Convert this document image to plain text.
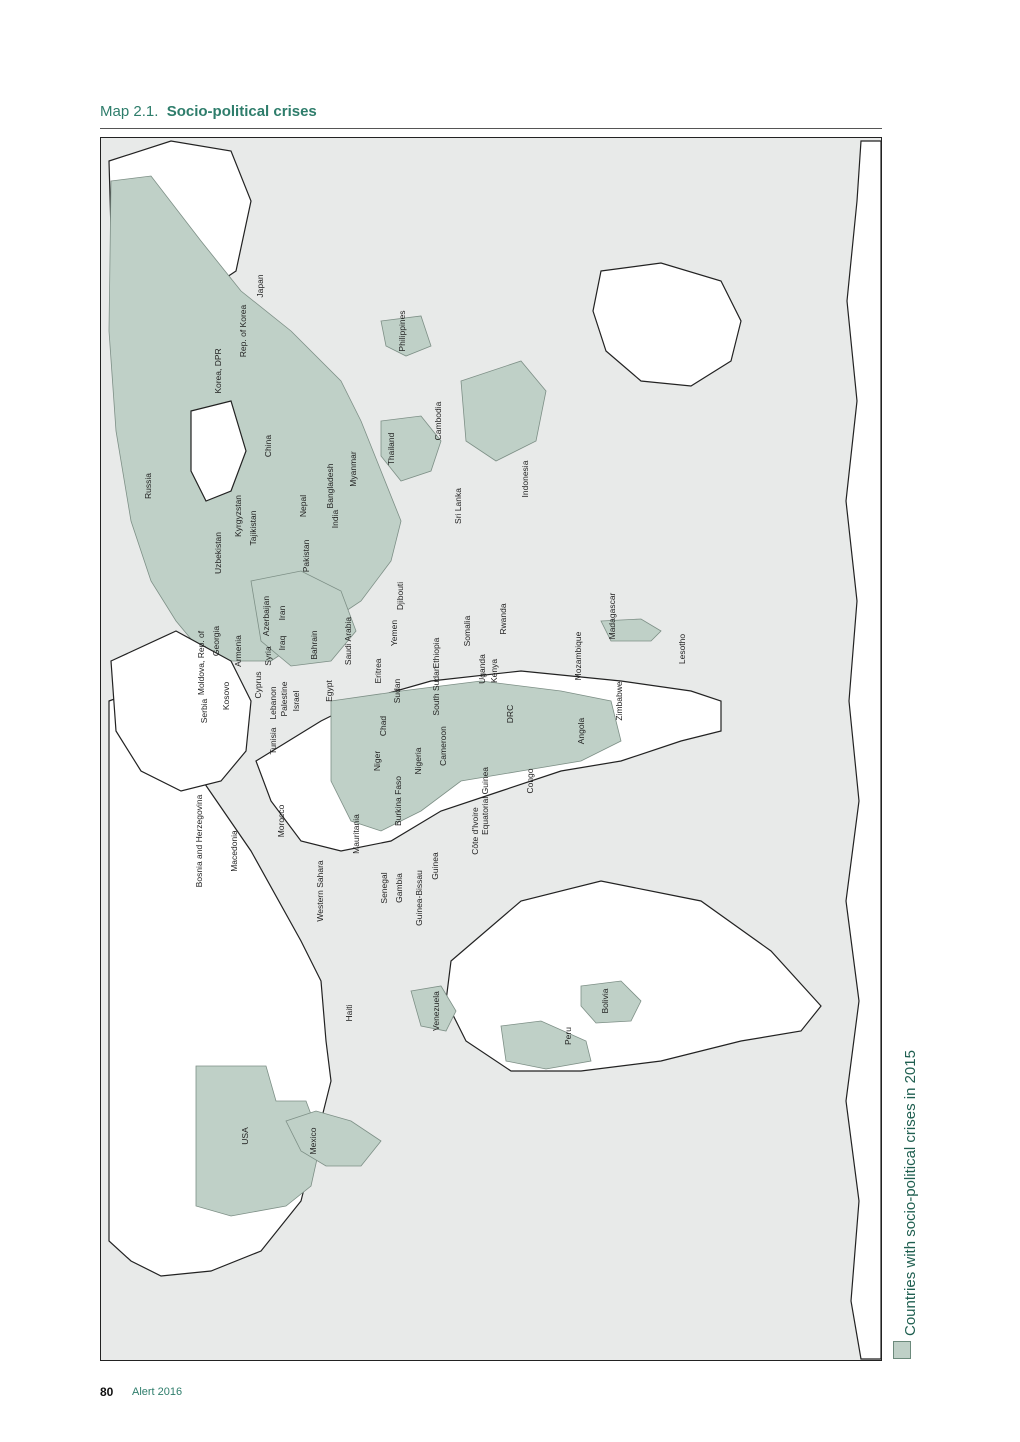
Map 2.1. Socio-political crises
Russia
Japan
Rep. of Korea
Korea, DPR
Philippines
China
Cambodia
Thailand
Myanmar
Bangladesh	Indonesia
Nepal	Sri Lanka
India
Kyrgyzstan Tajikistan
Uzbekistan	Pakistan
Djibouti
Azerbaijan Iran	Madagascar
Yemen
Saudi Arabia	Somalia	Rwanda
Moldova, Rep. of Georgia Armenia	Bahrain
Iraq
Syria	Ethiopia
Eritrea
Lesotho
Kenya
Uganda	Mozambique
Sudan	South Sudan
Cyprus
Lebanon Palestine Israel	Egypt
Serbia
Kosovo
Tunisia
DRC	Zimbabwe
Angola
Chad
Niger	Nigeria Cameroon
Congo
Burkina Faso	Equatorial Guinea
Morocco
Bosnia and Herzegovina	Côte d'Ivoire
Mauritania
Macedonia	Guinea
Senegal Gambia Guinea-Bissau
Western Sahara
Haiti	Venezuela	Bolivia
Peru
Mexico
USA	Countries with socio-political crises in 2015
80 Alert 2016
